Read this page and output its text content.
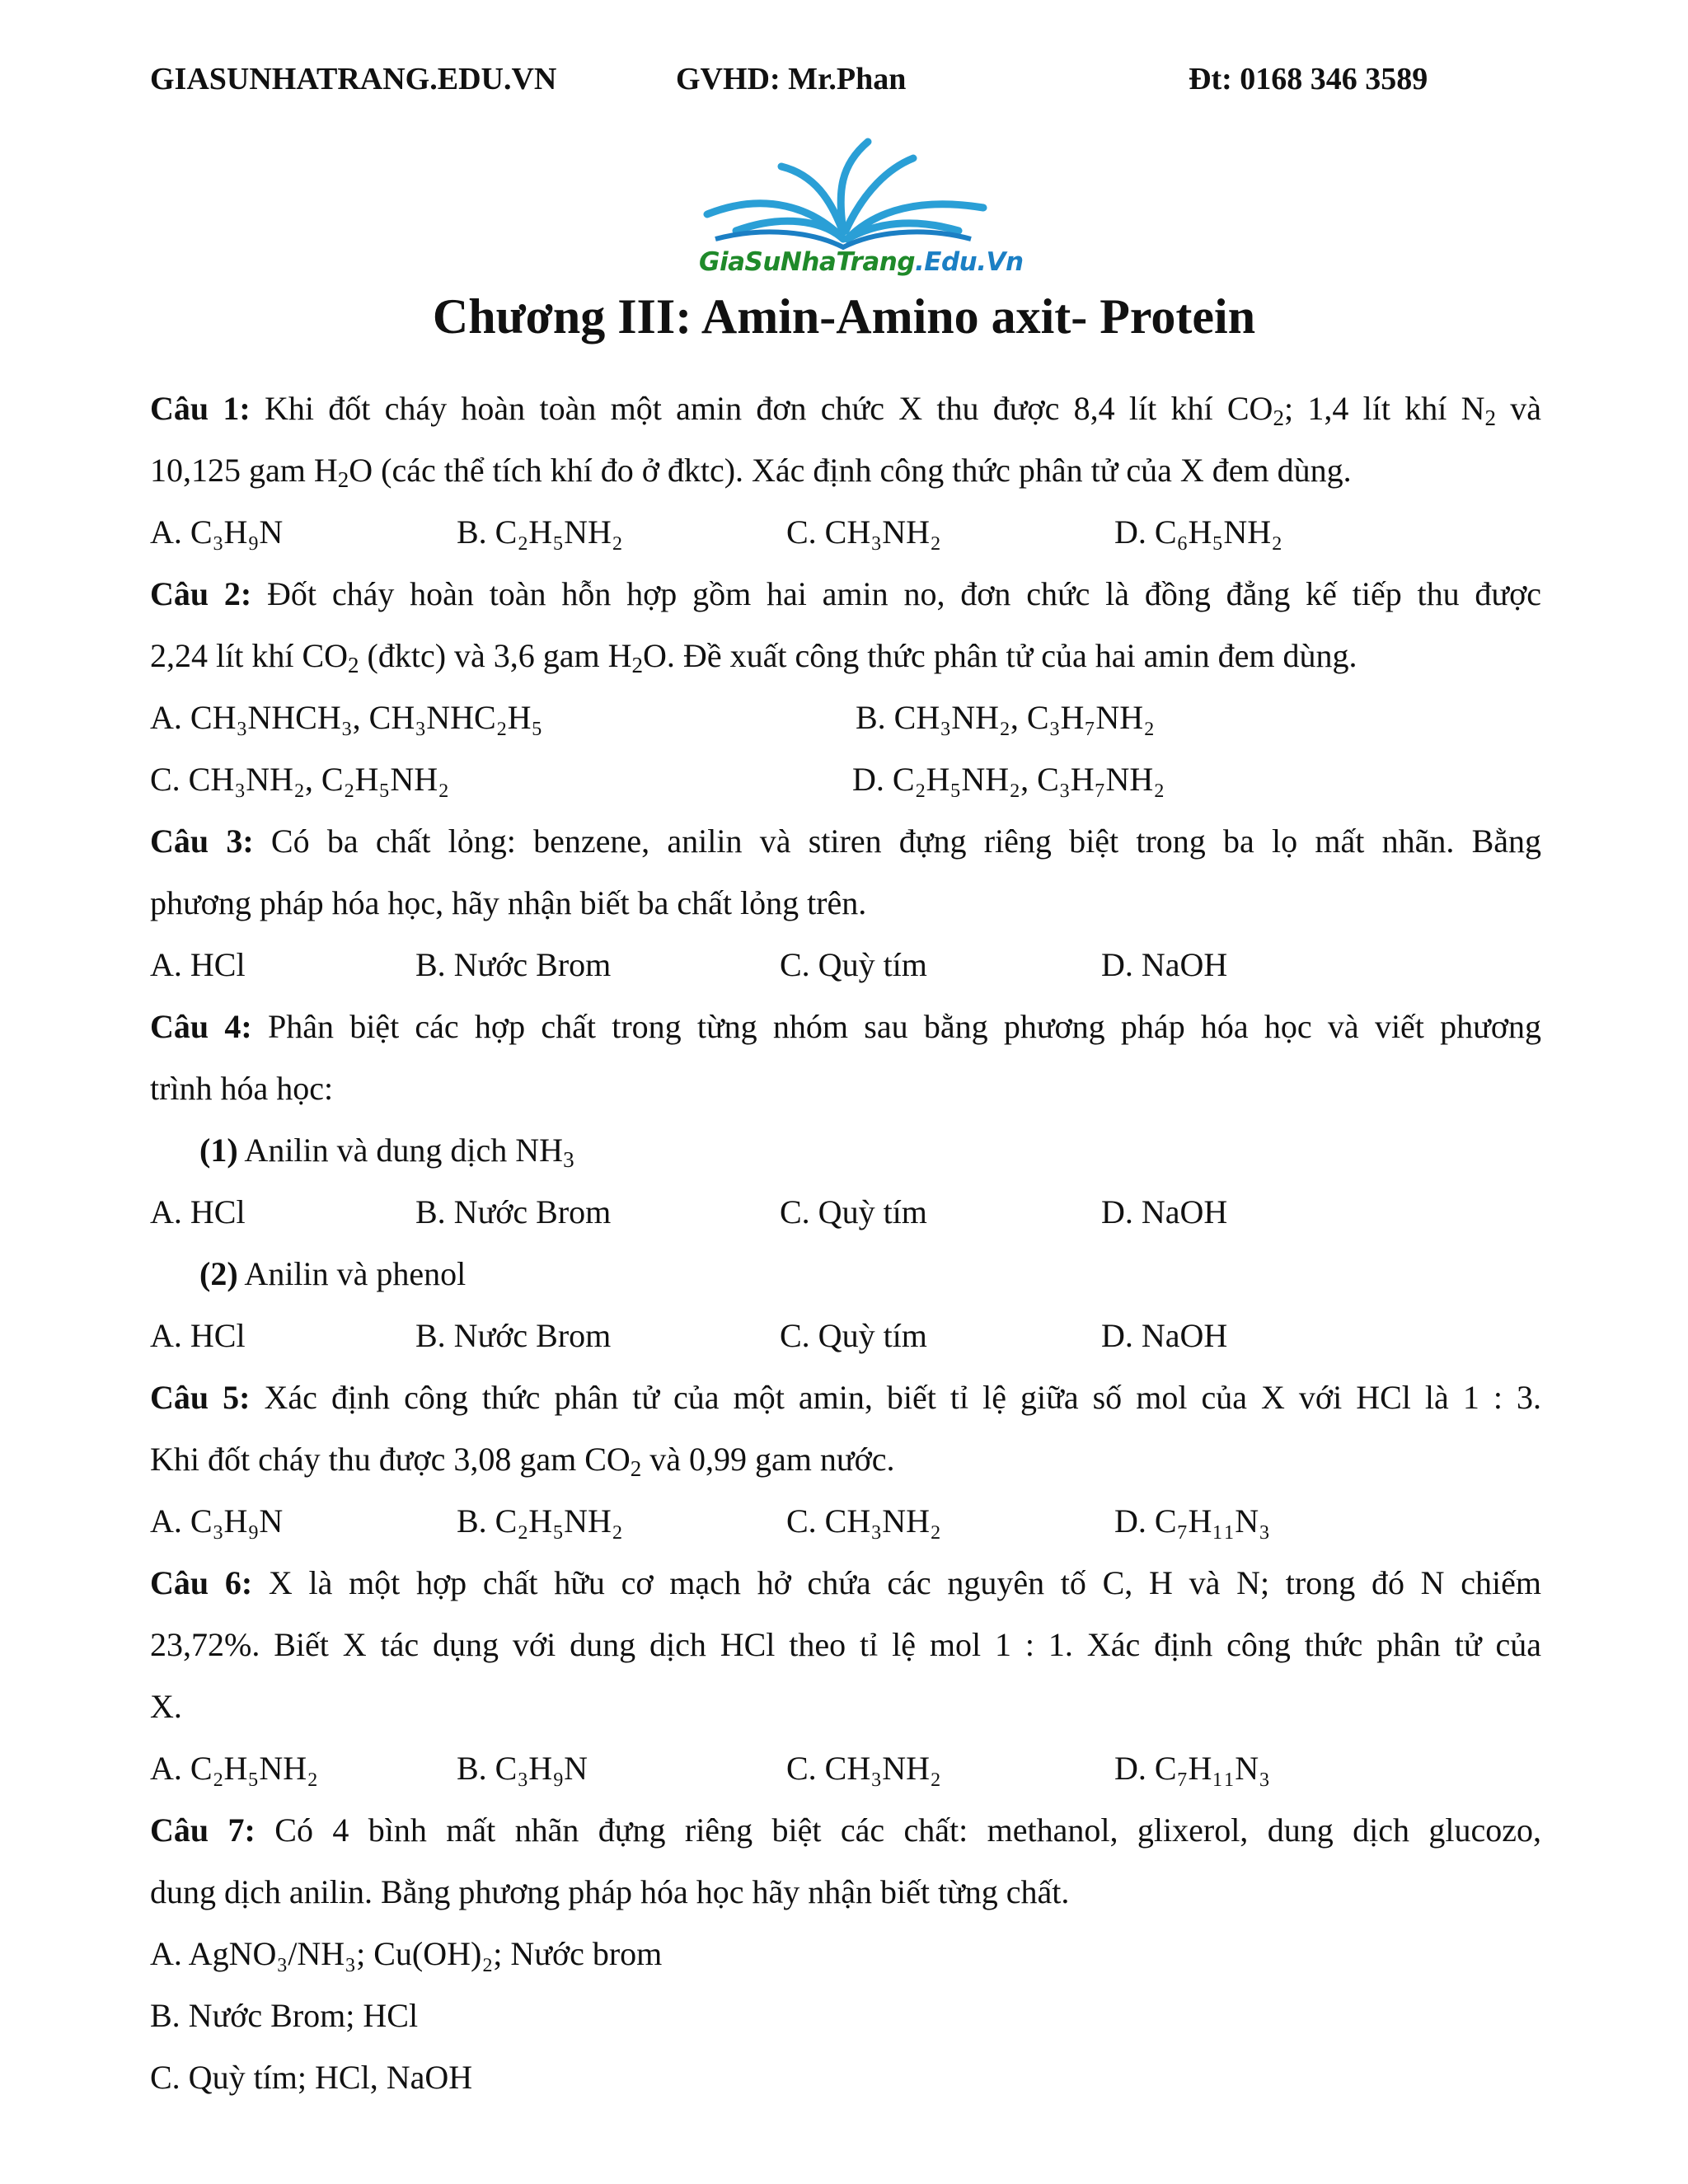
GIASUNHATRANG.EDU.VN	GVHD: Mr.Phan	Đt: 0168 346 3589
GiaSuNhaTrang.Edu.Vn
Chương III: Amin-Amino axit- Protein
Câu 1: Khi đốt cháy hoàn toàn một amin đơn chức X thu được 8,4 lít khí $CO_2$; 1,4 lít khí $N_2$ và
10,125 gam $H_2O$ (các thể tích khí đo ở đktc). Xác định công thức phân tử của X đem dùng.
A. C₃H₉N	B. C₂H₅NH₂	C. CH₃NH₂	D. C₆H₅NH₂
Câu 2: Đốt cháy hoàn toàn hỗn hợp gồm hai amin no, đơn chức là đồng đẳng kế tiếp thu được
2,24 lít khí $CO_2$ (đktc) và 3,6 gam $H_2O$. Đề xuất công thức phân tử của hai amin đem dùng.
A. CH₃NHCH₃, CH₃NHC₂H₅	B. CH₃NH₂, C₃H₇NH₂
C. CH₃NH₂, C₂H₅NH₂	D. C₂H₅NH₂, C₃H₇NH₂
Câu 3: Có ba chất lỏng: benzene, anilin và stiren đựng riêng biệt trong ba lọ mất nhãn. Bằng
phương pháp hóa học, hãy nhận biết ba chất lỏng trên.
A. HCl	B. Nước Brom	C. Quỳ tím	D. NaOH
Câu 4: Phân biệt các hợp chất trong từng nhóm sau bằng phương pháp hóa học và viết phương
trình hóa học:
(1) Anilin và dung dịch $NH_3$
A. HCl	B. Nước Brom	C. Quỳ tím	D. NaOH
(2) Anilin và phenol
A. HCl	B. Nước Brom	C. Quỳ tím	D. NaOH
Câu 5: Xác định công thức phân tử của một amin, biết tỉ lệ giữa số mol của X với HCl là 1 : 3.
Khi đốt cháy thu được 3,08 gam $CO_2$ và 0,99 gam nước.
A. C₃H₉N	B. C₂H₅NH₂	C. CH₃NH₂	D. C₇H₁₁N₃
Câu 6: X là một hợp chất hữu cơ mạch hở chứa các nguyên tố C, H và N; trong đó N chiếm
23,72%. Biết X tác dụng với dung dịch HCl theo tỉ lệ mol 1 : 1. Xác định công thức phân tử của
X.
A. C₂H₅NH₂	B. C₃H₉N	C. CH₃NH₂	D. C₇H₁₁N₃
Câu 7: Có 4 bình mất nhãn đựng riêng biệt các chất: methanol, glixerol, dung dịch glucozo,
dung dịch anilin. Bằng phương pháp hóa học hãy nhận biết từng chất.
A. AgNO₃/NH₃; Cu(OH)₂; Nước brom
B. Nước Brom; HCl
C. Quỳ tím; HCl, NaOH
